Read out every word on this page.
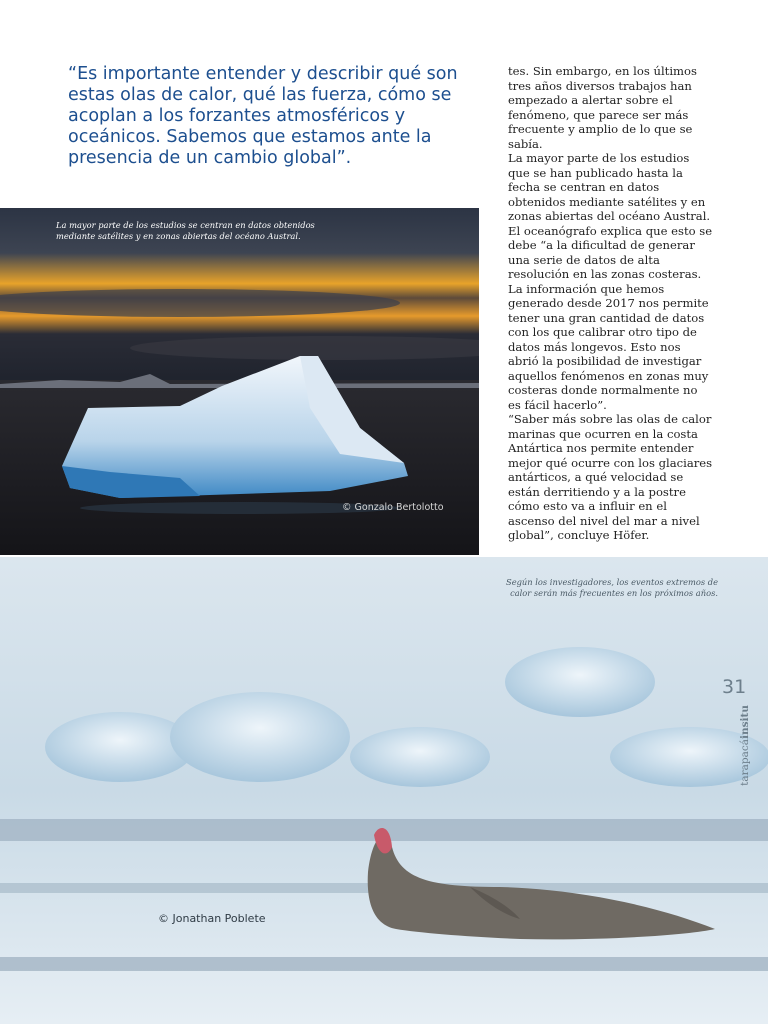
“Es importante entender y describir qué son estas olas de calor, qué las fuerza, cómo se acoplan a los forzantes atmosféricos y oceánicos. Sabemos que estamos ante la presencia de un cambio global”.

tes. Sin embargo, en los últimos tres años diversos trabajos han empezado a alertar sobre el fenómeno, que parece ser más frecuente y amplio de lo que se sabía.

La mayor parte de los estudios que se han publicado hasta la fecha se centran en datos obtenidos mediante satélites y en zonas abiertas del océano Austral. El oceanógrafo explica que esto se debe “a la dificultad de generar una serie de datos de alta resolución en las zonas costeras. La información que hemos generado desde 2017 nos permite tener una gran cantidad de datos con los que calibrar otro tipo de datos más longevos. Esto nos abrió la posibilidad de investigar aquellos fenómenos en zonas muy costeras donde normalmente no es fácil hacerlo”.

“Saber más sobre las olas de calor marinas que ocurren en la costa Antártica nos permite entender mejor qué ocurre con los glaciares antárticos, a qué velocidad se están derritiendo y a la postre cómo esto va a influir en el ascenso del nivel del mar a nivel global”, concluye Höfer.

La mayor parte de los estudios se centran en datos obtenidos mediante satélites y en zonas abiertas del océano Austral.

© Gonzalo Bertolotto

Según los investigadores, los eventos extremos de calor serán más frecuentes en los próximos años.

© Jonathan Poblete
31
tarapacáinsitu
